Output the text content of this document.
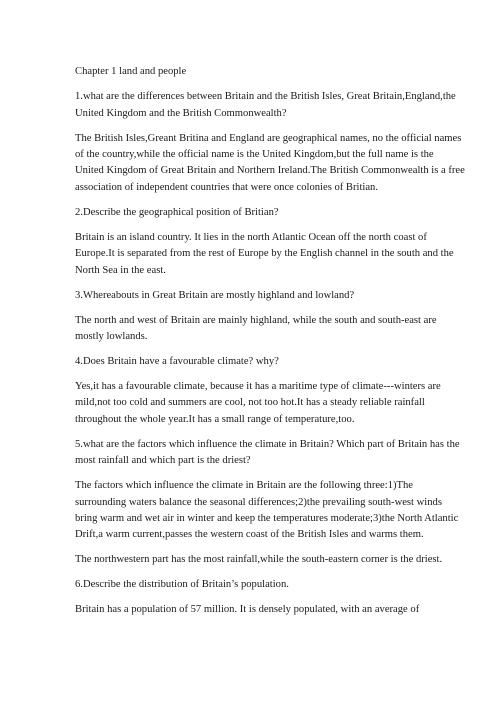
Chapter 1 land and people

1.what are the differences between Britain and the British Isles, Great Britain,England,the United Kingdom and the British Commonwealth?

The British Isles,Greant Britina and England are geographical names, no the official names of the country,while the official name is the United Kingdom,but the full name is the United Kingdom of Great Britain and Northern Ireland.The British Commonwealth is a free association of independent countries that were once colonies of Britian.

2.Describe the geographical position of Britian?

Britain is an island country. It lies in the north Atlantic Ocean off the north coast of Europe.It is separated from the rest of Europe by the English channel in the south and the North Sea in the east.

3.Whereabouts in Great Britain are mostly highland and lowland?

The north and west of Britain are mainly highland, while the south and south-east are mostly lowlands.

4.Does Britain have a favourable climate? why?

Yes,it has a favourable climate, because it has a maritime type of climate---winters are mild,not too cold and summers are cool, not too hot.It has a steady reliable rainfall throughout the whole year.It has a small range of temperature,too.

5.what are the factors which influence the climate in Britain? Which part of Britain has the most rainfall and which part is the driest?

The factors which influence the climate in Britain are the following three:1)The surrounding waters balance the seasonal differences;2)the prevailing south-west winds bring warm and wet air in winter and keep the temperatures moderate;3)the North Atlantic Drift,a warm current,passes the western coast of the British Isles and warms them.

The northwestern part has the most rainfall,while the south-eastern corner is the driest.

6.Describe the distribution of Britain’s population.

Britain has a population of 57 million. It is densely populated, with an average of
